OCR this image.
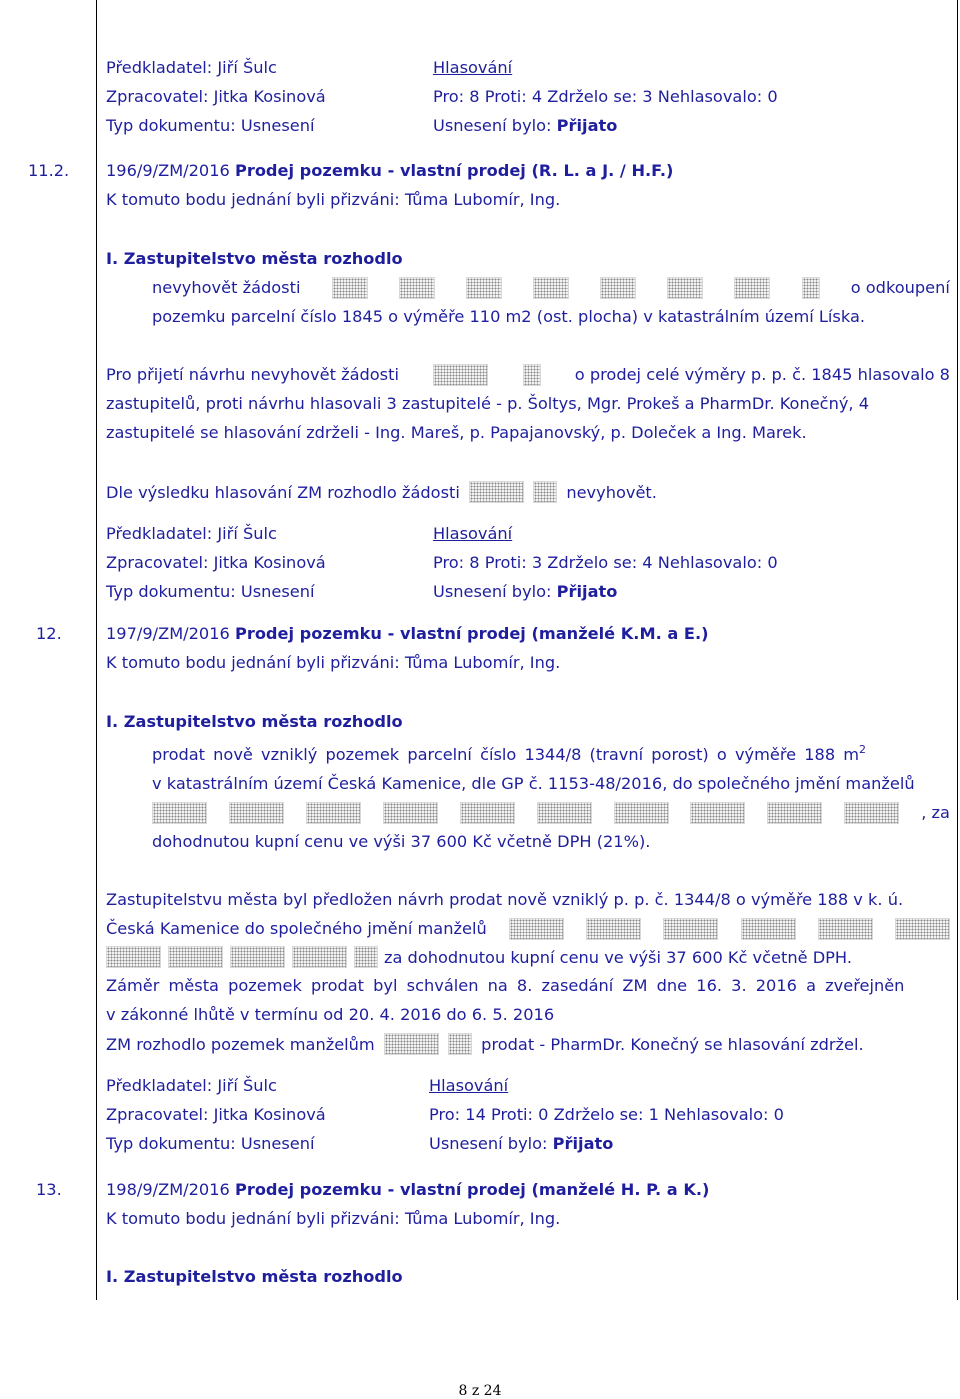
Předkladatel: Jiří Šulc	Hlasování
Zpracovatel: Jitka Kosinová	Pro: 8 Proti: 4 Zdrželo se: 3 Nehlasovalo: 0
Typ dokumentu: Usnesení	Usnesení bylo: Přijato
11.2. 196/9/ZM/2016 Prodej pozemku - vlastní prodej (R. L. a J. / H.F.)
K tomuto bodu jednání byli přizváni: Tůma Lubomír, Ing.
I. Zastupitelstvo města rozhodlo
nevyhovět žádosti	o odkoupení
pozemku parcelní číslo 1845 o výměře 110 m2 (ost. plocha) v katastrálním území Líska.
Pro přijetí návrhu nevyhovět žádosti	o prodej celé výměry p. p. č. 1845 hlasovalo 8
zastupitelů, proti návrhu hlasovali 3 zastupitelé - p. Šoltys, Mgr. Prokeš a PharmDr. Konečný, 4
zastupitelé se hlasování zdrželi - Ing. Mareš, p. Papajanovský, p. Doleček a Ing. Marek.
Dle výsledku hlasování ZM rozhodlo žádosti	nevyhovět.
Předkladatel: Jiří Šulc	Hlasování
Zpracovatel: Jitka Kosinová	Pro: 8 Proti: 3 Zdrželo se: 4 Nehlasovalo: 0
Typ dokumentu: Usnesení	Usnesení bylo: Přijato
12.	197/9/ZM/2016 Prodej pozemku - vlastní prodej (manželé K.M. a E.)
K tomuto bodu jednání byli přizváni: Tůma Lubomír, Ing.
I. Zastupitelstvo města rozhodlo
prodat nově vzniklý pozemek parcelní číslo 1344/8 (travní porost) o výměře 188 $m^2$
v katastrálním území Česká Kamenice, dle GP č. 1153-48/2016, do společného jmění manželů
, za
dohodnutou kupní cenu ve výši 37 600 Kč včetně DPH (21%).
Zastupitelstvu města byl předložen návrh prodat nově vzniklý p. p. č. 1344/8 o výměře 188 v k. ú.
Česká Kamenice do společného jmění manželů
za dohodnutou kupní cenu ve výši 37 600 Kč včetně DPH.
Záměr města pozemek prodat byl schválen na 8. zasedání ZM dne 16. 3. 2016 a zveřejněn
v zákonné lhůtě v termínu od 20. 4. 2016 do 6. 5. 2016
ZM rozhodlo pozemek manželům	prodat - PharmDr. Konečný se hlasování zdržel.
Předkladatel: Jiří Šulc	Hlasování
Zpracovatel: Jitka Kosinová	Pro: 14 Proti: 0 Zdrželo se: 1 Nehlasovalo: 0
Typ dokumentu: Usnesení	Usnesení bylo: Přijato
13.	198/9/ZM/2016 Prodej pozemku - vlastní prodej (manželé H. P. a K.)
K tomuto bodu jednání byli přizváni: Tůma Lubomír, Ing.
I. Zastupitelstvo města rozhodlo
8 z 24
